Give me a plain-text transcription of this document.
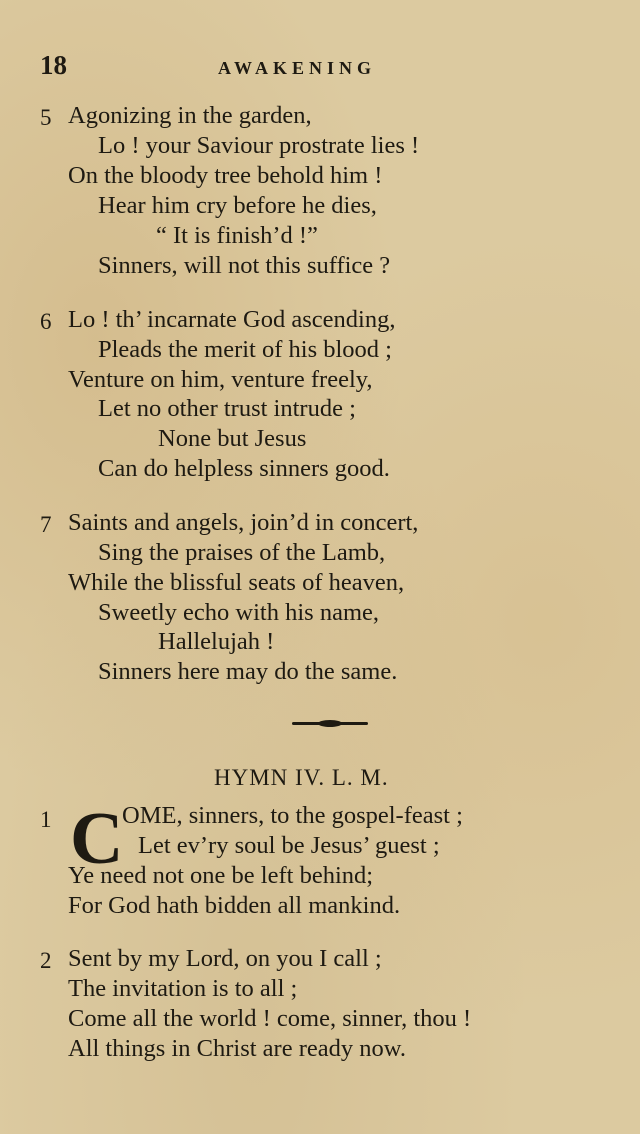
18	AWAKENING
5 Agonizing in the garden,
Lo ! your Saviour prostrate lies !
On the bloody tree behold him !
Hear him cry before he dies,
“ It is finish’d !”
Sinners, will not this suffice ?
6 Lo ! th’ incarnate God ascending,
Pleads the merit of his blood ;
Venture on him, venture freely,
Let no other trust intrude ;
None but Jesus
Can do helpless sinners good.
7 Saints and angels, join’d in concert,
Sing the praises of the Lamb,
While the blissful seats of heaven,
Sweetly echo with his name,
Hallelujah !
Sinners here may do the same.
HYMN IV. L. M.
1 C
OME, sinners, to the gospel-feast ;
Let ev’ry soul be Jesus’ guest ;
Ye need not one be left behind;
For God hath bidden all mankind.
2 Sent by my Lord, on you I call ;
The invitation is to all ;
Come all the world ! come, sinner, thou !
All things in Christ are ready now.
